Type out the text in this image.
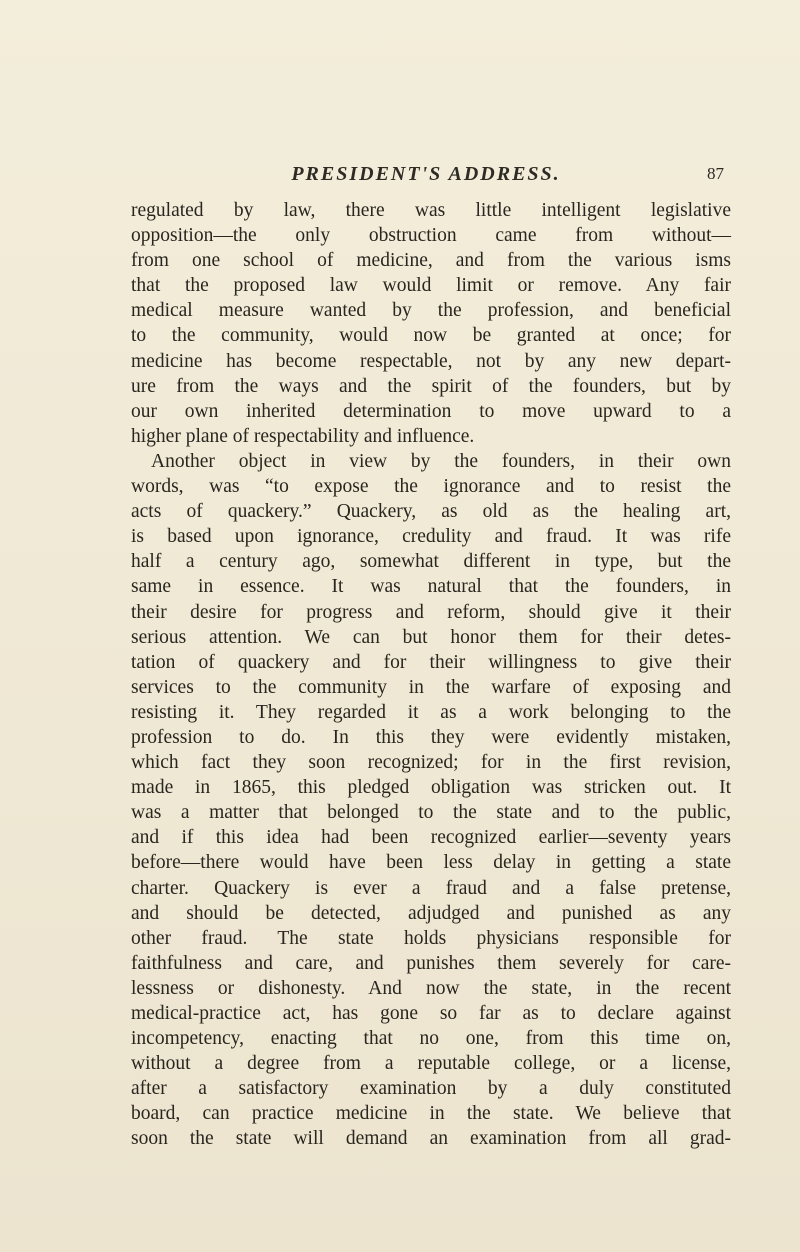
PRESIDENT'S ADDRESS.	87
regulated by law, there was little intelligent legislative
opposition—the only obstruction came from without—
from one school of medicine, and from the various isms
that the proposed law would limit or remove. Any fair
medical measure wanted by the profession, and beneficial
to the community, would now be granted at once; for
medicine has become respectable, not by any new depart-
ure from the ways and the spirit of the founders, but by
our own inherited determination to move upward to a
higher plane of respectability and influence.
Another object in view by the founders, in their own
words, was “to expose the ignorance and to resist the
acts of quackery.” Quackery, as old as the healing art,
is based upon ignorance, credulity and fraud. It was rife
half a century ago, somewhat different in type, but the
same in essence. It was natural that the founders, in
their desire for progress and reform, should give it their
serious attention. We can but honor them for their detes-
tation of quackery and for their willingness to give their
services to the community in the warfare of exposing and
resisting it. They regarded it as a work belonging to the
profession to do. In this they were evidently mistaken,
which fact they soon recognized; for in the first revision,
made in 1865, this pledged obligation was stricken out. It
was a matter that belonged to the state and to the public,
and if this idea had been recognized earlier—seventy years
before—there would have been less delay in getting a state
charter. Quackery is ever a fraud and a false pretense,
and should be detected, adjudged and punished as any
other fraud. The state holds physicians responsible for
faithfulness and care, and punishes them severely for care-
lessness or dishonesty. And now the state, in the recent
medical-practice act, has gone so far as to declare against
incompetency, enacting that no one, from this time on,
without a degree from a reputable college, or a license,
after a satisfactory examination by a duly constituted
board, can practice medicine in the state. We believe that
soon the state will demand an examination from all grad-
